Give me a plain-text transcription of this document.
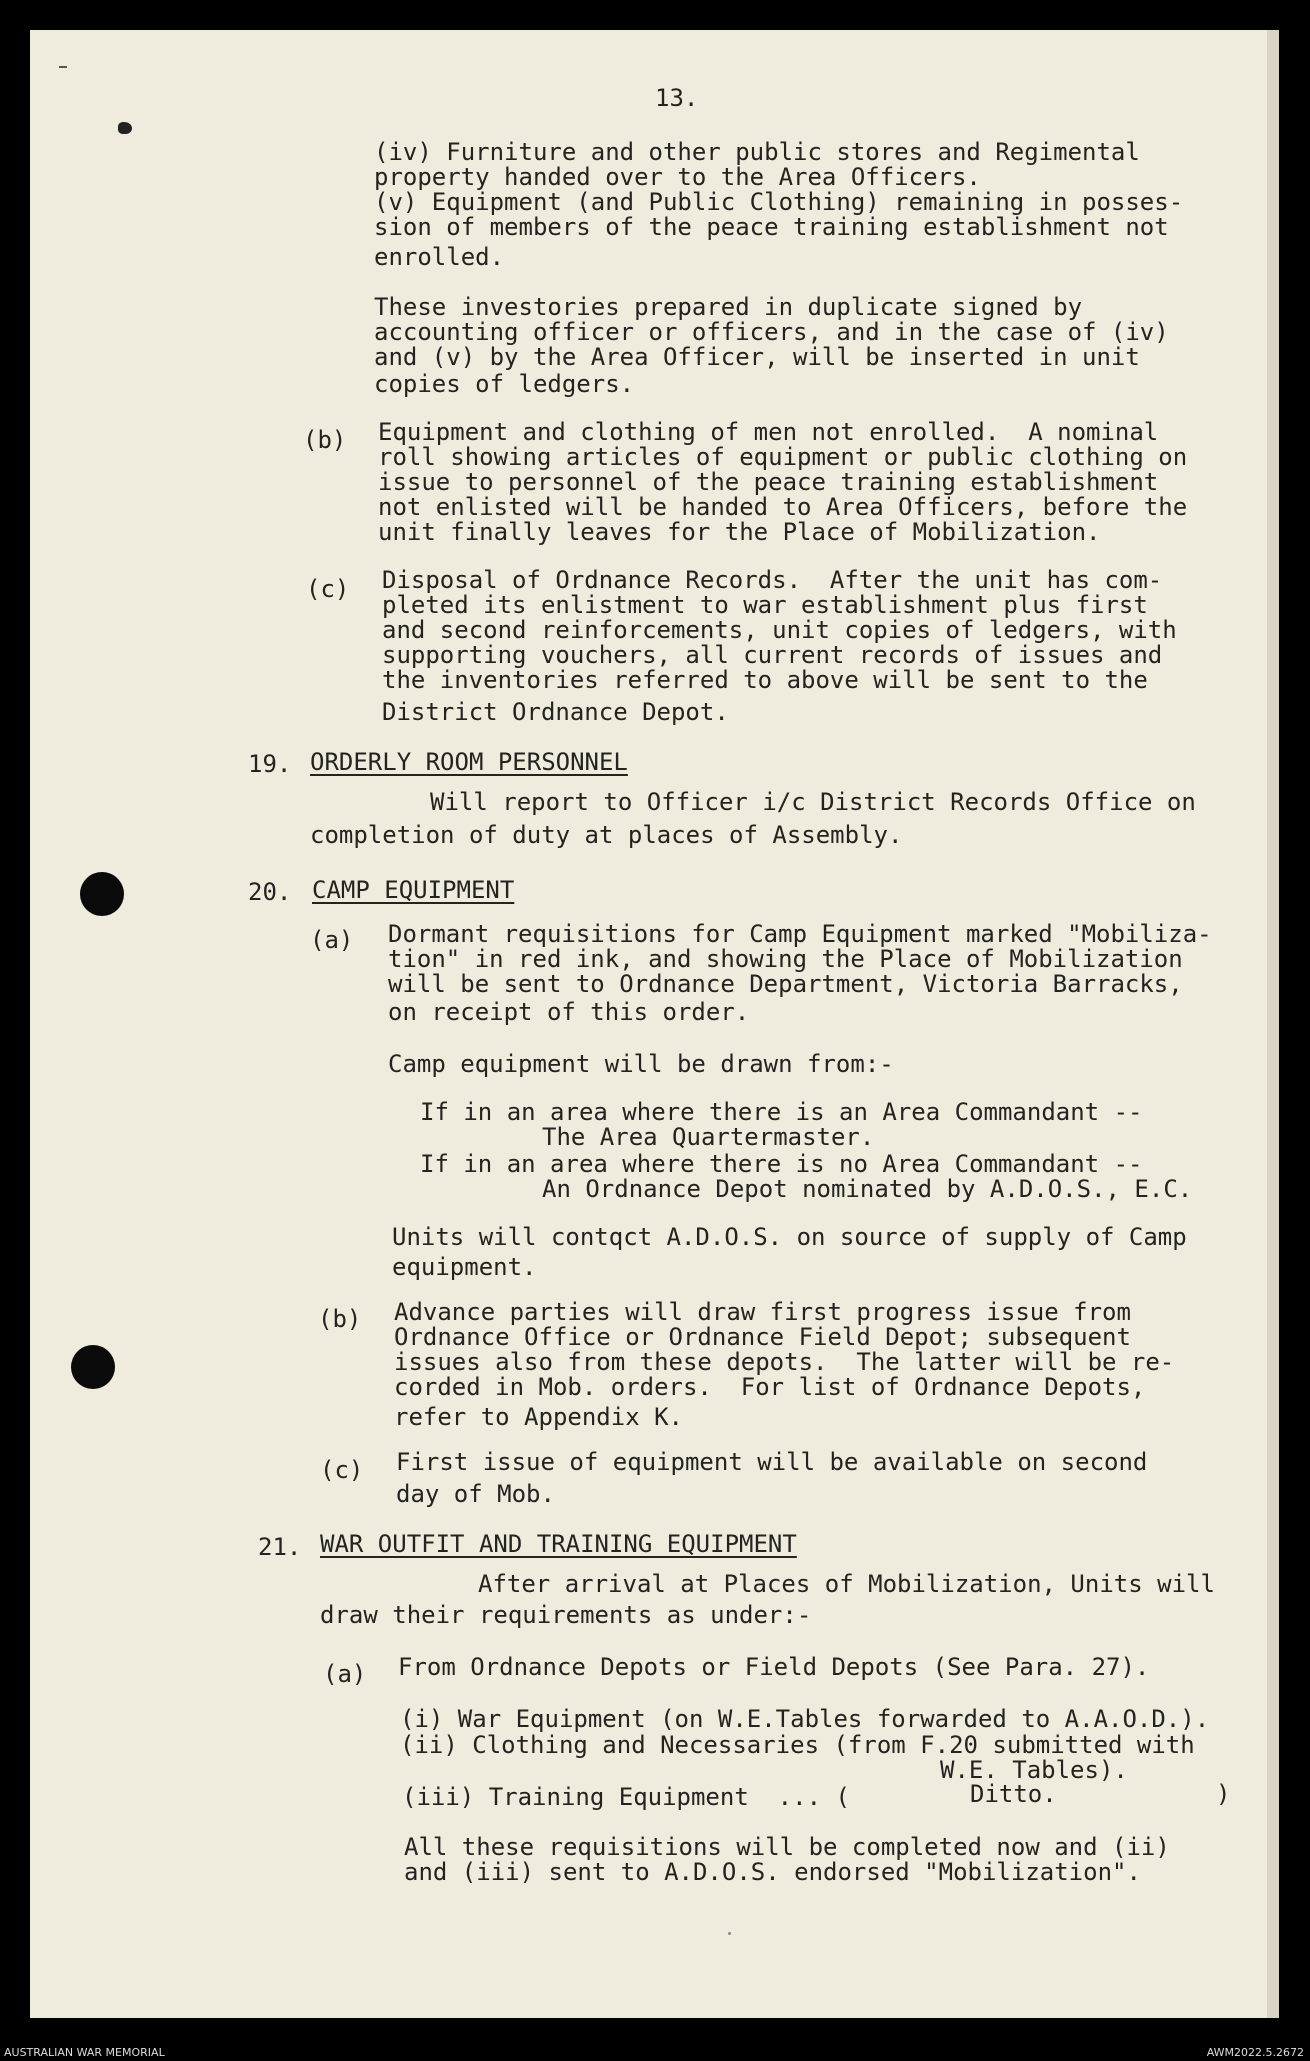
13.
(iv) Furniture and other public stores and Regimental
property handed over to the Area Officers.
(v) Equipment (and Public Clothing) remaining in posses-
sion of members of the peace training establishment not
enrolled.
These investories prepared in duplicate signed by
accounting officer or officers, and in the case of (iv)
and (v) by the Area Officer, will be inserted in unit
copies of ledgers.
(b) Equipment and clothing of men not enrolled.  A nominal
roll showing articles of equipment or public clothing on
issue to personnel of the peace training establishment
not enlisted will be handed to Area Officers, before the
unit finally leaves for the Place of Mobilization.
(c) Disposal of Ordnance Records.  After the unit has com-
pleted its enlistment to war establishment plus first
and second reinforcements, unit copies of ledgers, with
supporting vouchers, all current records of issues and
the inventories referred to above will be sent to the
District Ordnance Depot.
19. ORDERLY ROOM PERSONNEL
Will report to Officer i/c District Records Office on
completion of duty at places of Assembly.
20. CAMP EQUIPMENT
(a) Dormant requisitions for Camp Equipment marked "Mobiliza-
tion" in red ink, and showing the Place of Mobilization
will be sent to Ordnance Department, Victoria Barracks,
on receipt of this order.
Camp equipment will be drawn from:-
If in an area where there is an Area Commandant --
The Area Quartermaster.
If in an area where there is no Area Commandant --
An Ordnance Depot nominated by A.D.O.S., E.C.
Units will contqct A.D.O.S. on source of supply of Camp
equipment.
(b) Advance parties will draw first progress issue from
Ordnance Office or Ordnance Field Depot; subsequent
issues also from these depots.  The latter will be re-
corded in Mob. orders.  For list of Ordnance Depots,
refer to Appendix K.
(c) First issue of equipment will be available on second
day of Mob.
21. WAR OUTFIT AND TRAINING EQUIPMENT
After arrival at Places of Mobilization, Units will
draw their requirements as under:-
(a) From Ordnance Depots or Field Depots (See Para. 27).
(i) War Equipment (on W.E.Tables forwarded to A.A.O.D.).
(ii) Clothing and Necessaries (from F.20 submitted with
W.E. Tables).
(iii) Training Equipment  ... (	Ditto.	)
All these requisitions will be completed now and (ii)
and (iii) sent to A.D.O.S. endorsed "Mobilization".
AUSTRALIAN WAR MEMORIAL	AWM2022.5.2672
